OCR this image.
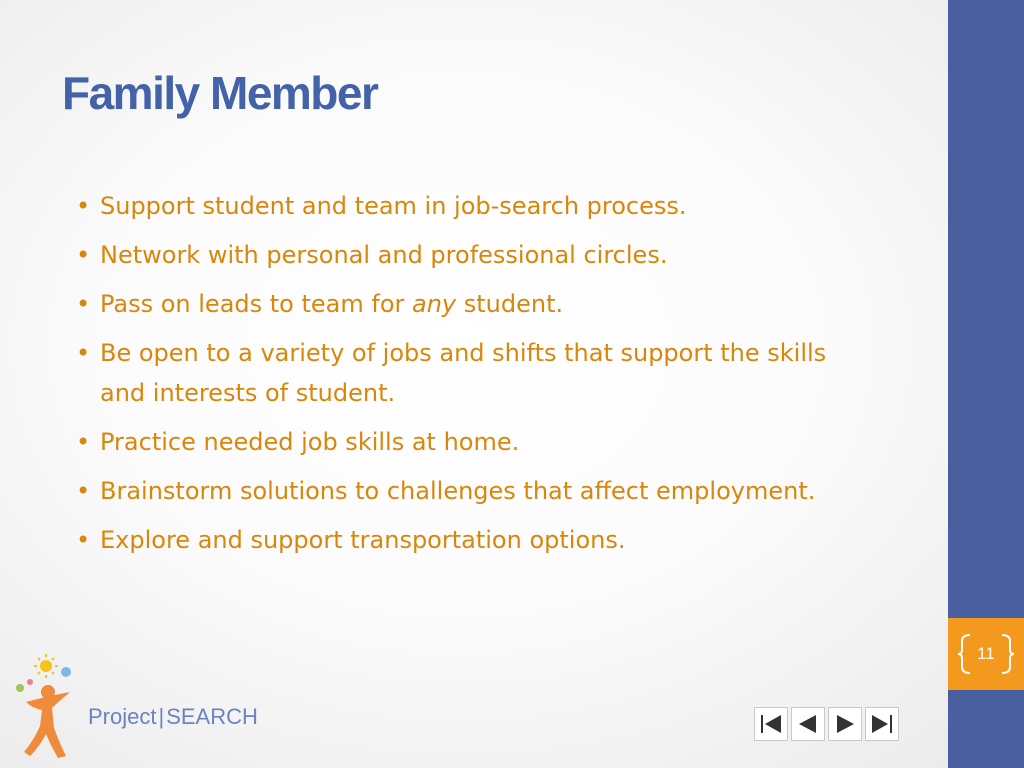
11
Family Member
• Support student and team in job-search process.
• Network with personal and professional circles.
• Pass on leads to team for any student.
• Be open to a variety of jobs and shifts that support the skills and interests of student.
• Practice needed job skills at home.
• Brainstorm solutions to challenges that affect employment.
• Explore and support transportation options.
Project|SEARCH
